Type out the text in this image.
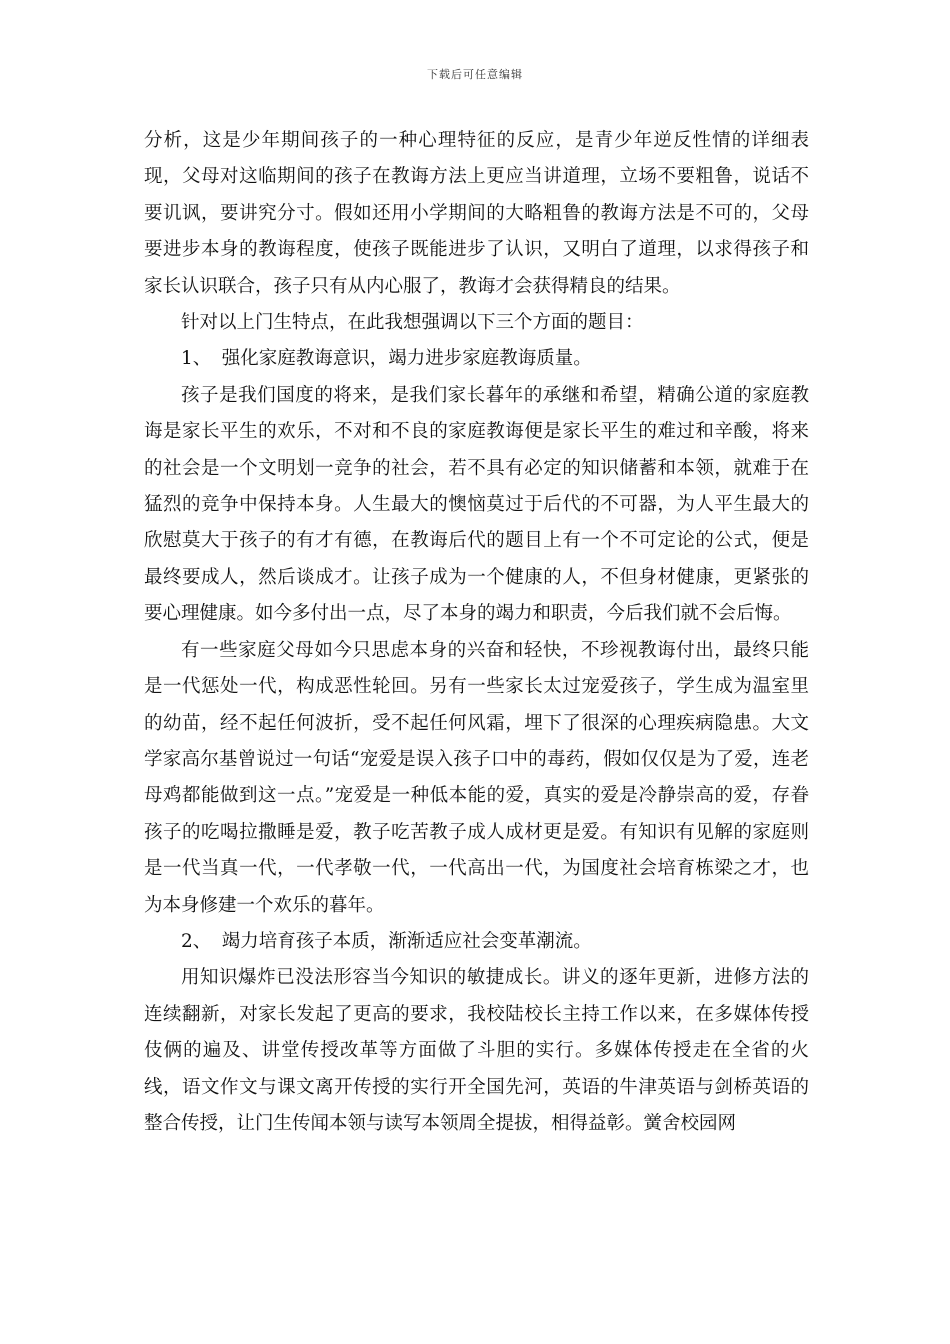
下载后可任意编辑

分析，这是少年期间孩子的一种心理特征的反应，是青少年逆反性情的详细表现，父母对这临期间的孩子在教诲方法上更应当讲道理，立场不要粗鲁，说话不要讥讽，要讲究分寸。假如还用小学期间的大略粗鲁的教诲方法是不可的，父母要进步本身的教诲程度，使孩子既能进步了认识，又明白了道理，以求得孩子和家长认识联合，孩子只有从内心服了，教诲才会获得精良的结果。

针对以上门生特点，在此我想强调以下三个方面的题目：

1、 强化家庭教诲意识，竭力进步家庭教诲质量。

孩子是我们国度的将来，是我们家长暮年的承继和希望，精确公道的家庭教诲是家长平生的欢乐，不对和不良的家庭教诲便是家长平生的难过和辛酸，将来的社会是一个文明划一竞争的社会，若不具有必定的知识储蓄和本领，就难于在猛烈的竞争中保持本身。人生最大的懊恼莫过于后代的不可器，为人平生最大的欣慰莫大于孩子的有才有德，在教诲后代的题目上有一个不可定论的公式，便是最终要成人，然后谈成才。让孩子成为一个健康的人，不但身材健康，更紧张的要心理健康。如今多付出一点，尽了本身的竭力和职责，今后我们就不会后悔。

有一些家庭父母如今只思虑本身的兴奋和轻快，不珍视教诲付出，最终只能是一代惩处一代，构成恶性轮回。另有一些家长太过宠爱孩子，学生成为温室里的幼苗，经不起任何波折，受不起任何风霜，埋下了很深的心理疾病隐患。大文学家高尔基曾说过一句话“宠爱是误入孩子口中的毒药，假如仅仅是为了爱，连老母鸡都能做到这一点。”宠爱是一种低本能的爱，真实的爱是冷静崇高的爱，存眷孩子的吃喝拉撒睡是爱，教子吃苦教子成人成材更是爱。有知识有见解的家庭则是一代当真一代，一代孝敬一代，一代高出一代，为国度社会培育栋梁之才，也为本身修建一个欢乐的暮年。

2、 竭力培育孩子本质，渐渐适应社会变革潮流。

用知识爆炸已没法形容当今知识的敏捷成长。讲义的逐年更新，进修方法的连续翻新，对家长发起了更高的要求，我校陆校长主持工作以来，在多媒体传授伎俩的遍及、讲堂传授改革等方面做了斗胆的实行。多媒体传授走在全省的火线，语文作文与课文离开传授的实行开全国先河，英语的牛津英语与剑桥英语的整合传授，让门生传闻本领与读写本领周全提拔，相得益彰。黉舍校园网
